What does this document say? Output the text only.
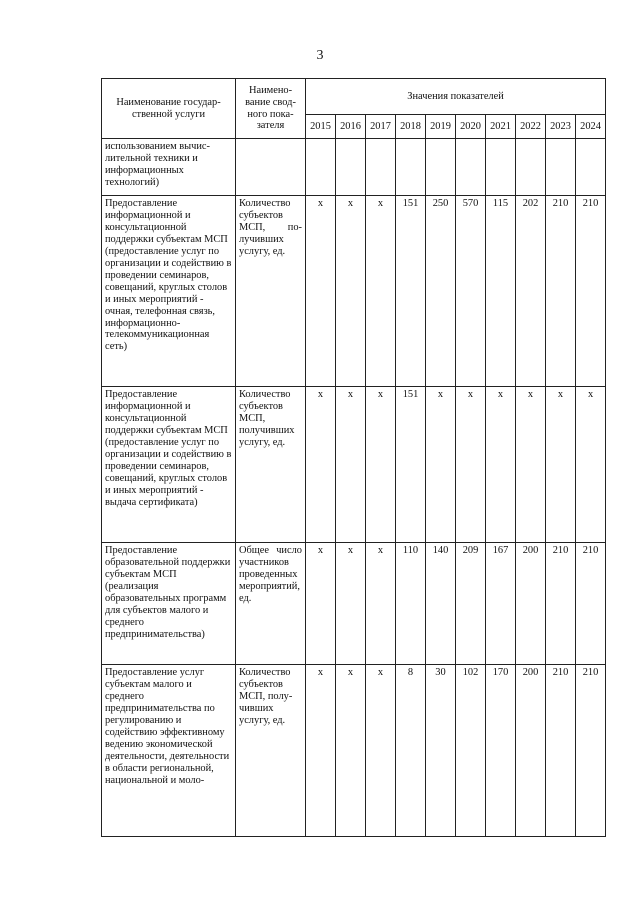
3
Наименование государственной услуги	Наименование сводного показателя	Значения показателей									
		2015	2016	2017	2018	2019	2020	2021	2022	2023	2024
использованием вычислительной техники и информационных технологий)											
Предоставление информационной и консультационной поддержки субъектам МСП (предоставление услуг по организации и содействию в проведении семинаров, совещаний, круглых столов и иных мероприятий - очная, телефонная связь, информационно-телекоммуникационная сеть)	Количество субъектов МСП, получивших услугу, ед.	x	x	x	151	250	570	115	202	210	210
Предоставление информационной и консультационной поддержки субъектам МСП (предоставление услуг по организации и содействию в проведении семинаров, совещаний, круглых столов и иных мероприятий - выдача сертификата)	Количество субъектов МСП, получивших услугу, ед.	x	x	x	151	x	x	x	x	x	x
Предоставление образовательной поддержки субъектам МСП (реализация образовательных программ для субъектов малого и среднего предпринимательства)	Общее число участников проведенных мероприятий, ед.	x	x	x	110	140	209	167	200	210	210
Предоставление услуг субъектам малого и среднего предпринимательства по регулированию и содействию эффективному ведению экономической деятельности, деятельности в области региональной, национальной и моло-	Количество субъектов МСП, получивших услугу, ед.	x	x	x	8	30	102	170	200	210	210
